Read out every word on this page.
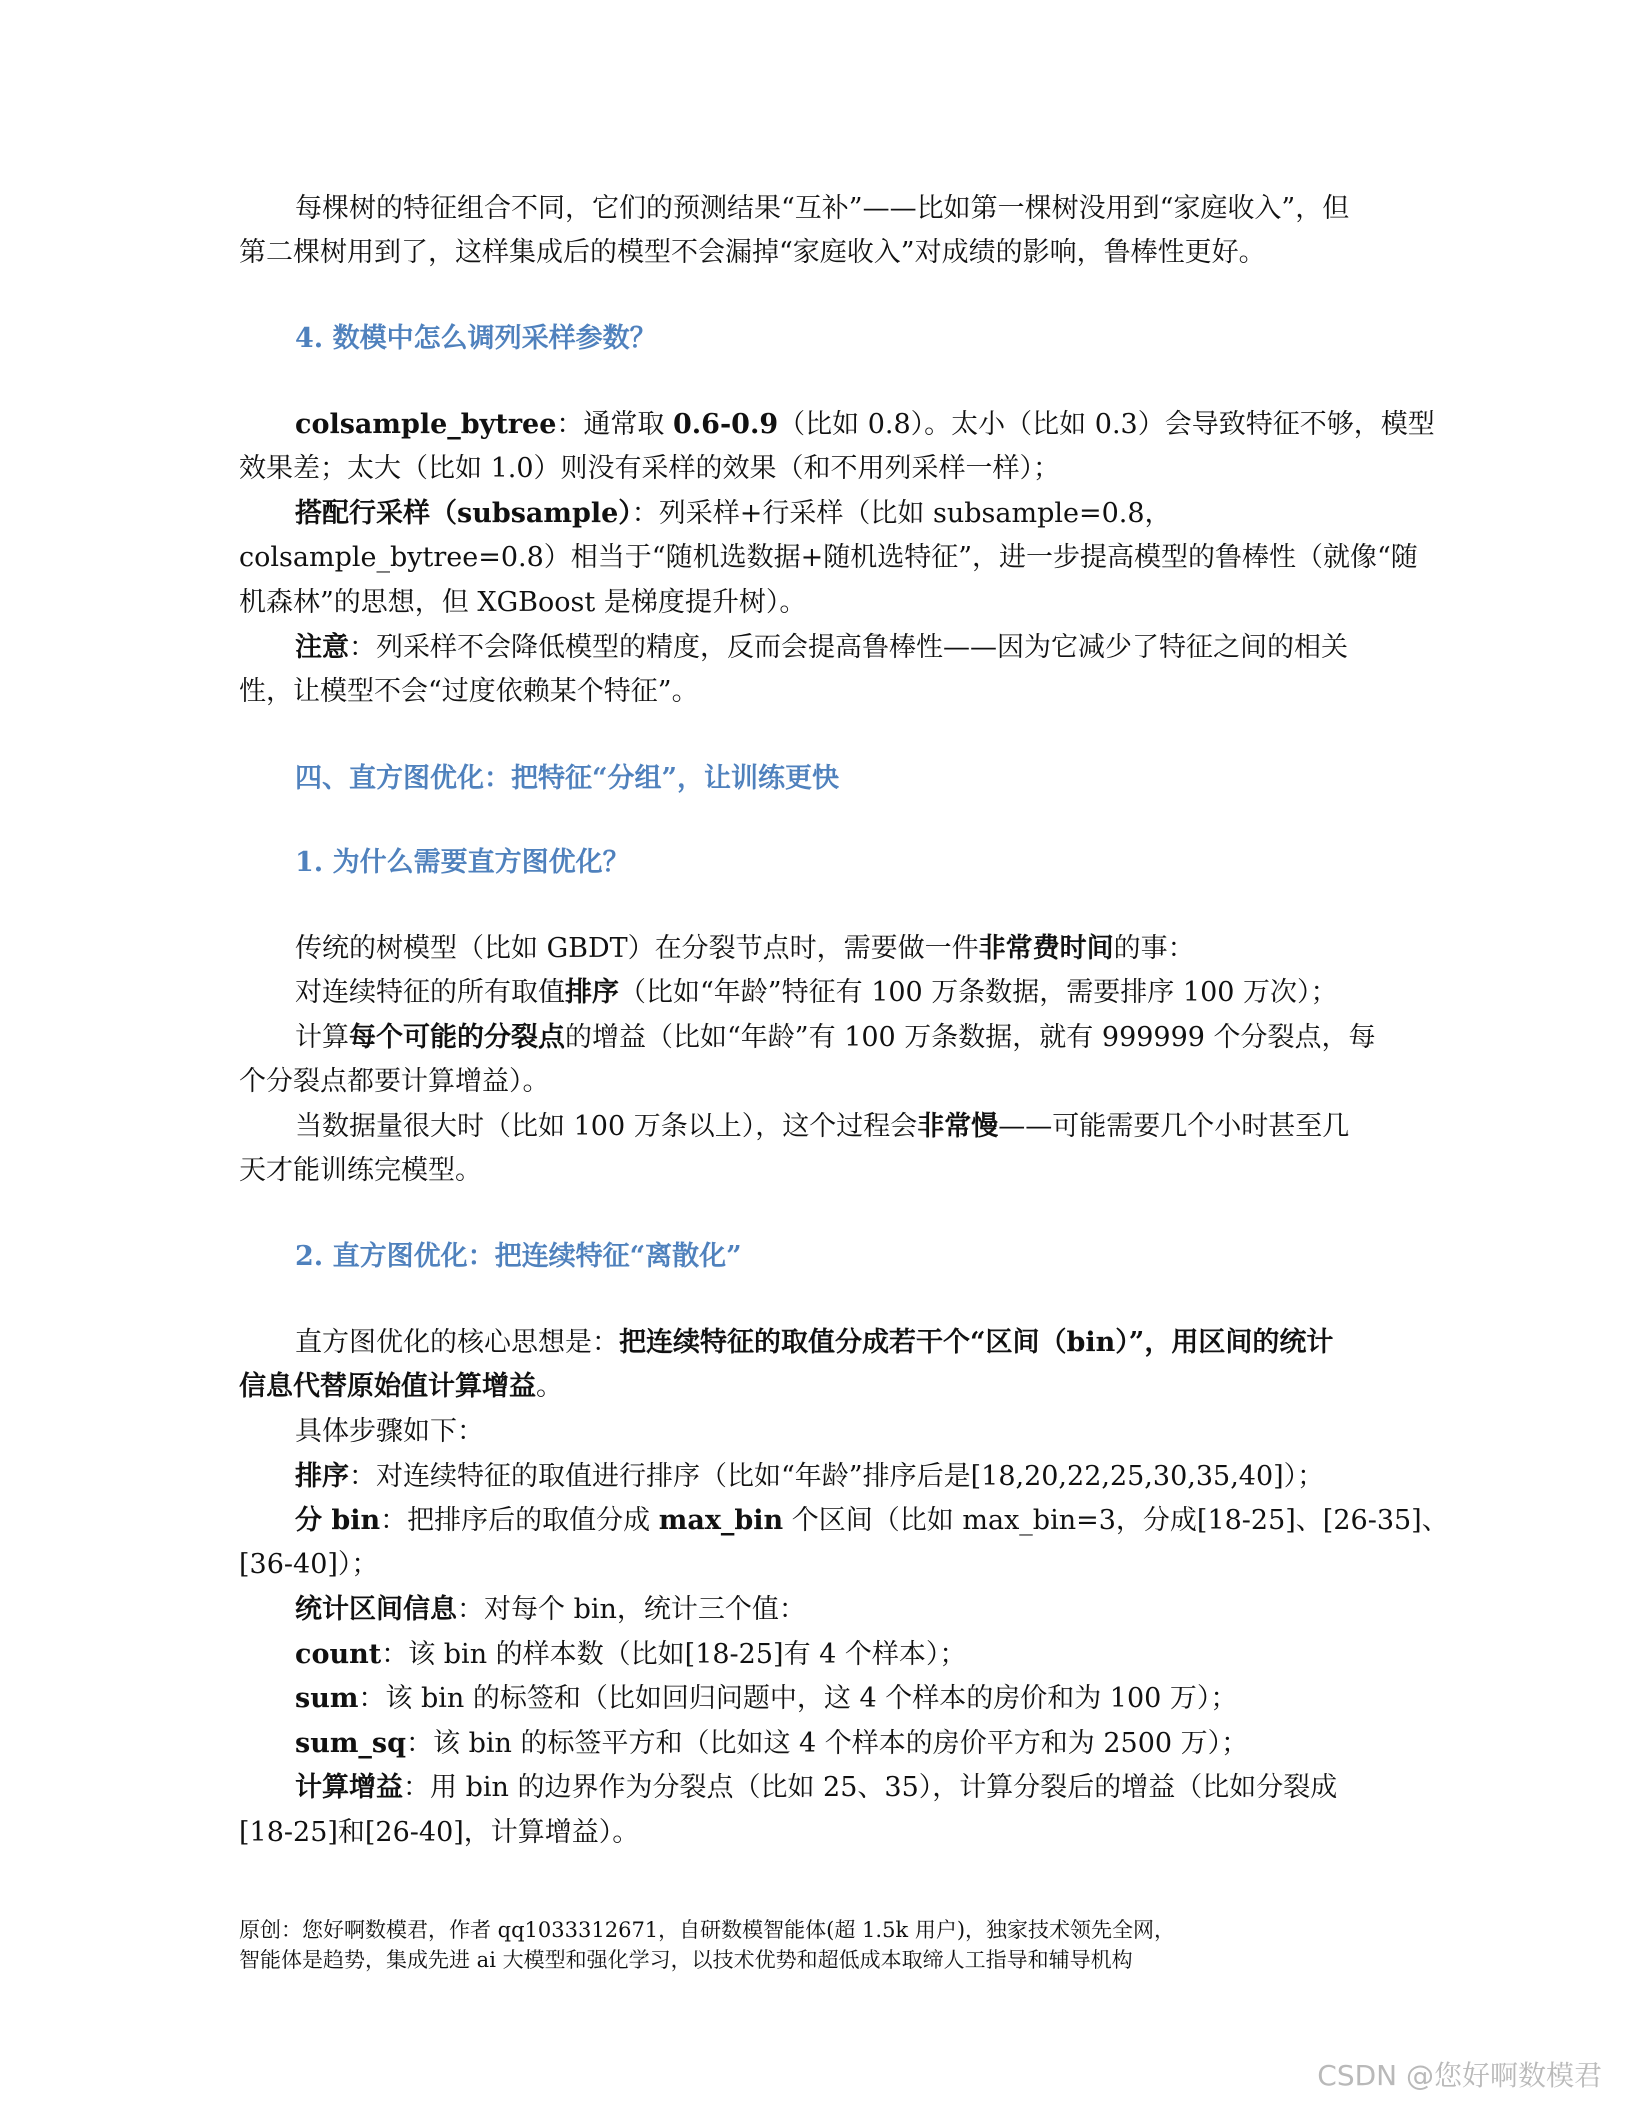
每棵树的特征组合不同，它们的预测结果“互补”——比如第一棵树没用到“家庭收入”，但
第二棵树用到了，这样集成后的模型不会漏掉“家庭收入”对成绩的影响，鲁棒性更好。
4. 数模中怎么调列采样参数？
colsample_bytree：通常取 0.6-0.9（比如 0.8）。太小（比如 0.3）会导致特征不够，模型
效果差；太大（比如 1.0）则没有采样的效果（和不用列采样一样）；
搭配行采样（subsample）：列采样+行采样（比如 subsample=0.8，
colsample_bytree=0.8）相当于“随机选数据+随机选特征”，进一步提高模型的鲁棒性（就像“随
机森林”的思想，但 XGBoost 是梯度提升树）。
注意：列采样不会降低模型的精度，反而会提高鲁棒性——因为它减少了特征之间的相关
性，让模型不会“过度依赖某个特征”。
四、直方图优化：把特征“分组”，让训练更快
1. 为什么需要直方图优化？
传统的树模型（比如 GBDT）在分裂节点时，需要做一件非常费时间的事：
对连续特征的所有取值排序（比如“年龄”特征有 100 万条数据，需要排序 100 万次）；
计算每个可能的分裂点的增益（比如“年龄”有 100 万条数据，就有 999999 个分裂点，每
个分裂点都要计算增益）。
当数据量很大时（比如 100 万条以上），这个过程会非常慢——可能需要几个小时甚至几
天才能训练完模型。
2. 直方图优化：把连续特征“离散化”
直方图优化的核心思想是：把连续特征的取值分成若干个“区间（bin）”，用区间的统计
信息代替原始值计算增益。
具体步骤如下：
排序：对连续特征的取值进行排序（比如“年龄”排序后是[18,20,22,25,30,35,40]）；
分 bin：把排序后的取值分成 max_bin 个区间（比如 max_bin=3，分成[18-25]、[26-35]、
[36-40]）；
统计区间信息：对每个 bin，统计三个值：
count：该 bin 的样本数（比如[18-25]有 4 个样本）；
sum：该 bin 的标签和（比如回归问题中，这 4 个样本的房价和为 100 万）；
sum_sq：该 bin 的标签平方和（比如这 4 个样本的房价平方和为 2500 万）；
计算增益：用 bin 的边界作为分裂点（比如 25、35），计算分裂后的增益（比如分裂成
[18-25]和[26-40]，计算增益）。
原创：您好啊数模君，作者 qq1033312671，自研数模智能体(超 1.5k 用户)，独家技术领先全网，
智能体是趋势，集成先进 ai 大模型和强化学习，以技术优势和超低成本取缔人工指导和辅导机构
CSDN @您好啊数模君
